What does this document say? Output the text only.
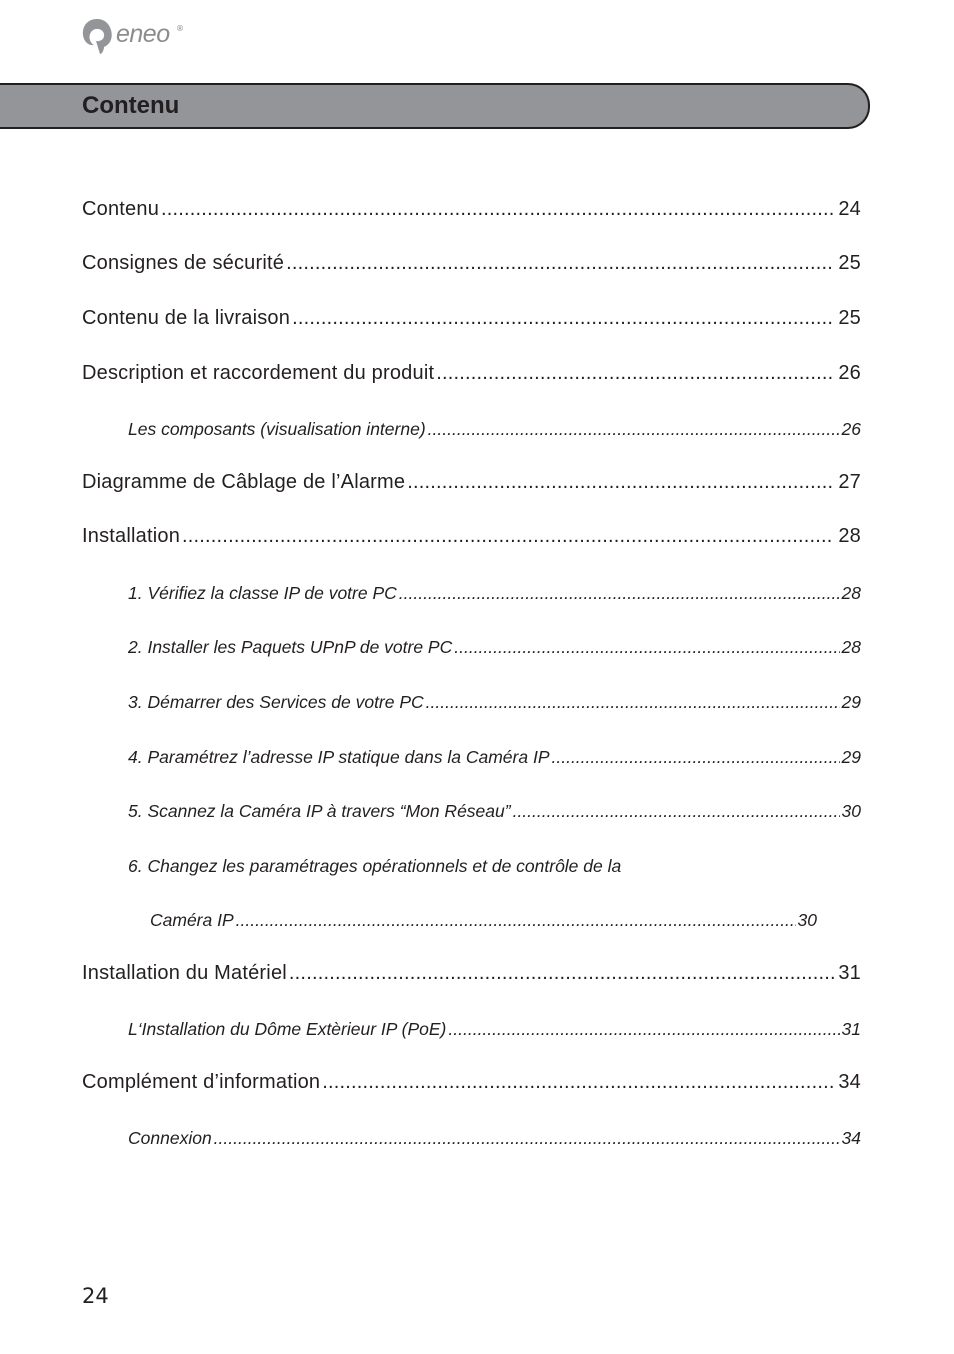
eneo ®
Contenu
Contenu .....	24
Consignes de sécurité .....	25
Contenu de la livraison .....	25
Description et raccordement du produit .....	26
Les composants (visualisation interne) .....	26
Diagramme de Câblage de l’Alarme .....	27
Installation .....	28
1. Vérifiez la classe IP de votre PC .....	28
2. Installer les Paquets UPnP de votre PC .....	28
3. Démarrer des Services de votre PC .....	29
4. Paramétrez l’adresse IP statique dans la Caméra IP .....	29
5. Scannez la Caméra IP à travers “Mon Réseau” .....	30
6. Changez les paramétrages opérationnels et de contrôle de la
Caméra IP .....	30
Installation du Matériel .....	31
L‘Installation du Dôme Extèrieur IP (PoE) .....	31
Complément d’information .....	34
Connexion .....	34
24
